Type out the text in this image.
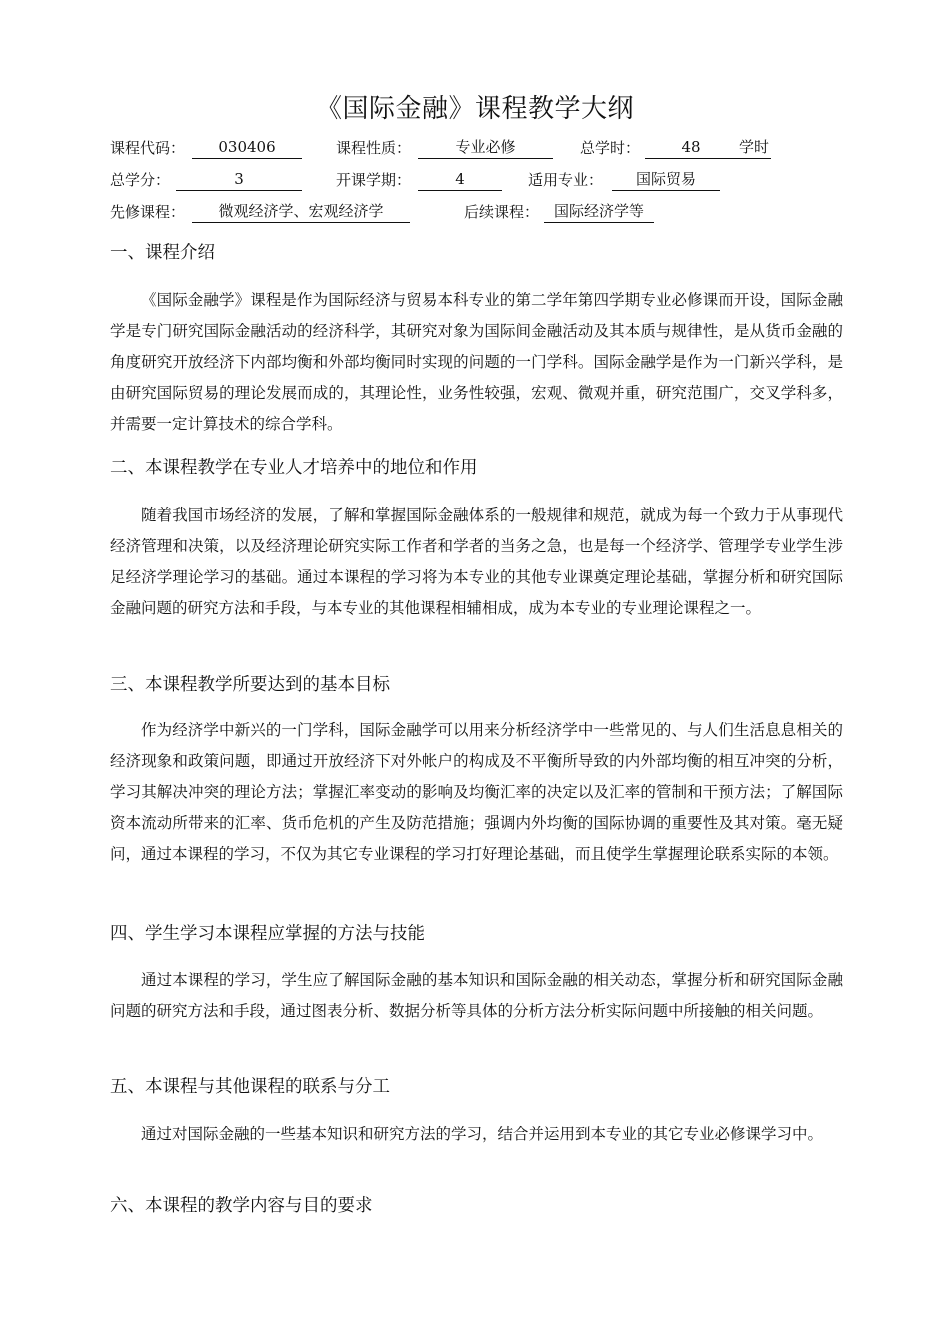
《国际金融》课程教学大纲
课程代码：	030406	课程性质：	专业必修	总学时：	48	学时
总学分：	3	开课学期：	4	适用专业：	国际贸易
先修课程：	微观经济学、宏观经济学	后续课程： 国际经济学等
一、课程介绍

《国际金融学》课程是作为国际经济与贸易本科专业的第二学年第四学期专业必修课而开设，国际金融学是专门研究国际金融活动的经济科学，其研究对象为国际间金融活动及其本质与规律性，是从货币金融的角度研究开放经济下内部均衡和外部均衡同时实现的问题的一门学科。国际金融学是作为一门新兴学科，是由研究国际贸易的理论发展而成的，其理论性，业务性较强，宏观、微观并重，研究范围广，交叉学科多，并需要一定计算技术的综合学科。

二、本课程教学在专业人才培养中的地位和作用

随着我国市场经济的发展，了解和掌握国际金融体系的一般规律和规范，就成为每一个致力于从事现代经济管理和决策，以及经济理论研究实际工作者和学者的当务之急，也是每一个经济学、管理学专业学生涉足经济学理论学习的基础。通过本课程的学习将为本专业的其他专业课奠定理论基础，掌握分析和研究国际金融问题的研究方法和手段，与本专业的其他课程相辅相成，成为本专业的专业理论课程之一。

三、本课程教学所要达到的基本目标

作为经济学中新兴的一门学科，国际金融学可以用来分析经济学中一些常见的、与人们生活息息相关的经济现象和政策问题，即通过开放经济下对外帐户的构成及不平衡所导致的内外部均衡的相互冲突的分析，学习其解决冲突的理论方法；掌握汇率变动的影响及均衡汇率的决定以及汇率的管制和干预方法；了解国际资本流动所带来的汇率、货币危机的产生及防范措施；强调内外均衡的国际协调的重要性及其对策。毫无疑问，通过本课程的学习，不仅为其它专业课程的学习打好理论基础，而且使学生掌握理论联系实际的本领。

四、学生学习本课程应掌握的方法与技能

通过本课程的学习，学生应了解国际金融的基本知识和国际金融的相关动态，掌握分析和研究国际金融问题的研究方法和手段，通过图表分析、数据分析等具体的分析方法分析实际问题中所接触的相关问题。

五、本课程与其他课程的联系与分工

通过对国际金融的一些基本知识和研究方法的学习，结合并运用到本专业的其它专业必修课学习中。

六、本课程的教学内容与目的要求
